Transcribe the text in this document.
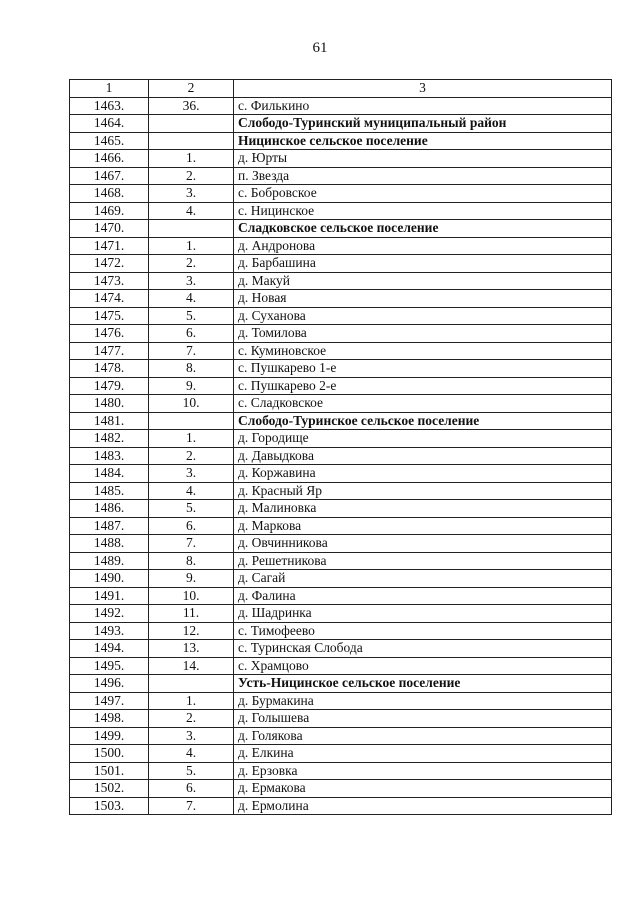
61
1	2	3
1463.	36.	с. Филькино
1464.		Слободо-Туринский муниципальный район
1465.		Ницинское сельское поселение
1466.	1.	д. Юрты
1467.	2.	п. Звезда
1468.	3.	с. Бобровское
1469.	4.	с. Ницинское
1470.		Сладковское сельское поселение
1471.	1.	д. Андронова
1472.	2.	д. Барбашина
1473.	3.	д. Макуй
1474.	4.	д. Новая
1475.	5.	д. Суханова
1476.	6.	д. Томилова
1477.	7.	с. Куминовское
1478.	8.	с. Пушкарево 1-е
1479.	9.	с. Пушкарево 2-е
1480.	10.	с. Сладковское
1481.		Слободо-Туринское сельское поселение
1482.	1.	д. Городище
1483.	2.	д. Давыдкова
1484.	3.	д. Коржавина
1485.	4.	д. Красный Яр
1486.	5.	д. Малиновка
1487.	6.	д. Маркова
1488.	7.	д. Овчинникова
1489.	8.	д. Решетникова
1490.	9.	д. Сагай
1491.	10.	д. Фалина
1492.	11.	д. Шадринка
1493.	12.	с. Тимофеево
1494.	13.	с. Туринская Слобода
1495.	14.	с. Храмцово
1496.		Усть-Ницинское сельское поселение
1497.	1.	д. Бурмакина
1498.	2.	д. Голышева
1499.	3.	д. Голякова
1500.	4.	д. Елкина
1501.	5.	д. Ерзовка
1502.	6.	д. Ермакова
1503.	7.	д. Ермолина
